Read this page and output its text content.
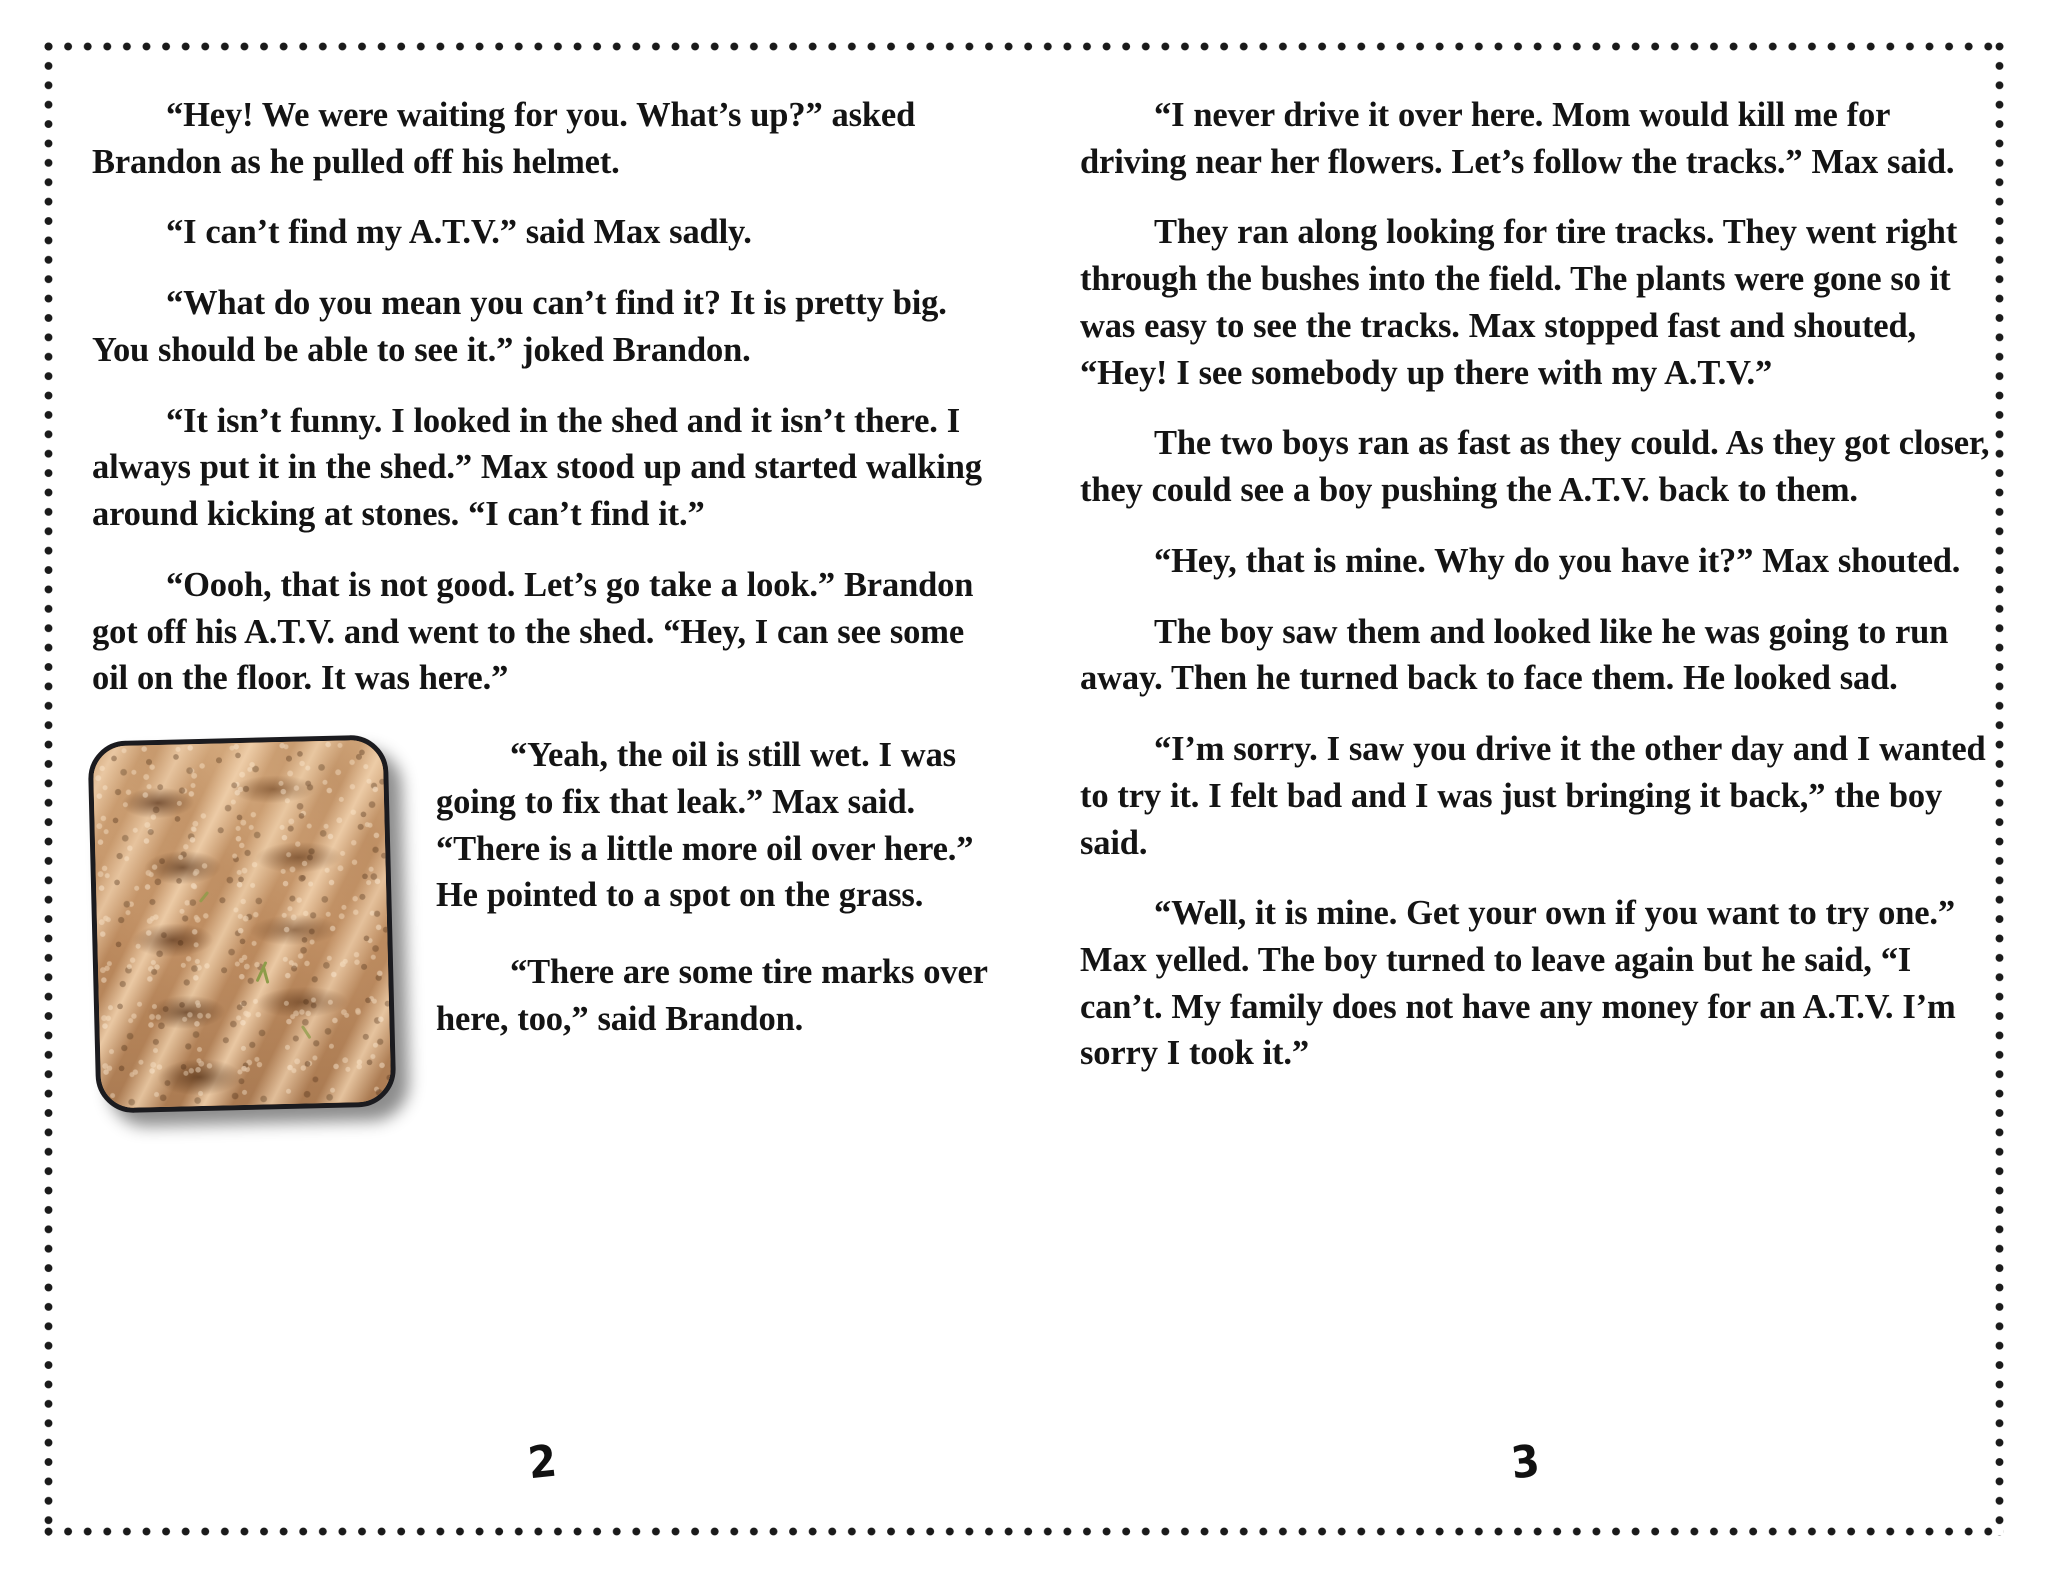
“Hey! We were waiting for you. What’s up?” asked Brandon as he pulled off his helmet.

“I can’t find my A.T.V.” said Max sadly.

“What do you mean you can’t find it? It is pretty big. You should be able to see it.” joked Brandon.

“It isn’t funny. I looked in the shed and it isn’t there. I always put it in the shed.” Max stood up and started walking around kicking at stones. “I can’t find it.”

“Oooh, that is not good. Let’s go take a look.” Brandon got off his A.T.V. and went to the shed. “Hey, I can see some oil on the floor. It was here.”

“Yeah, the oil is still wet. I was going to fix that leak.” Max said. “There is a little more oil over here.” He pointed to a spot on the grass.

“There are some tire marks over here, too,” said Brandon.

“I never drive it over here. Mom would kill me for driving near her flowers. Let’s follow the tracks.” Max said.

They ran along looking for tire tracks. They went right through the bushes into the field. The plants were gone so it was easy to see the tracks. Max stopped fast and shouted, “Hey! I see somebody up there with my A.T.V.”

The two boys ran as fast as they could. As they got closer, they could see a boy pushing the A.T.V. back to them.

“Hey, that is mine. Why do you have it?” Max shouted.

The boy saw them and looked like he was going to run away. Then he turned back to face them. He looked sad.

“I’m sorry. I saw you drive it the other day and I wanted to try it. I felt bad and I was just bringing it back,” the boy said.

“Well, it is mine. Get your own if you want to try one.” Max yelled. The boy turned to leave again but he said, “I can’t. My family does not have any money for an A.T.V. I’m sorry I took it.”

2	3
